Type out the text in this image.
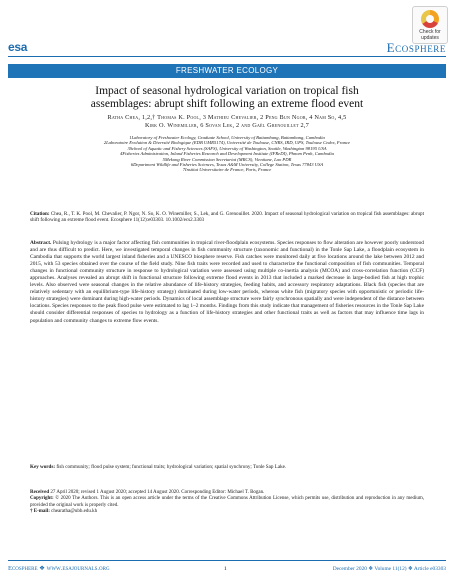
Check for
updates
esa	Ecosphere
FRESHWATER ECOLOGY
Impact of seasonal hydrological variation on tropical fish
assemblages: abrupt shift following an extreme flood event
Ratha Chea, 1,2,† Thomas K. Pool, 3 Mathieu Chevalier, 2 Peng Bun Ngor, 4 Nam So, 4,5
Kirk O. Winemiller, 6 Sovan Lek, 2 and Gaël Grenouillet 2,7
1Laboratory of Freshwater Ecology, Graduate School, University of Battambang, Battambang, Cambodia
2Laboratoire Evolution & Diversité Biologique (EDB UMR5174), Université de Toulouse, CNRS, IRD, UPS, Toulouse Cedex, France
3School of Aquatic and Fishery Sciences (SAFS), University of Washington, Seattle, Washington 98195 USA
4Fisheries Administration, Inland Fisheries Research and Development Institute (IFReDI), Phnom Penh, Cambodia
5Mekong River Commission Secretariat (MRCS), Vientiane, Lao PDR
6Department Wildlife and Fisheries Sciences, Texas A&M University, College Station, Texas 77843 USA
7Institut Universitaire de France, Paris, France
Citation: Chea, R., T. K. Pool, M. Chevalier, P. Ngor, N. So, K. O. Winemiller, S., Lek, and G. Grenouillet. 2020. Impact of seasonal hydrological variation on tropical fish assemblages: abrupt shift following an extreme flood event. Ecosphere 11(12):e03303. 10.1002/ecs2.3303
Abstract. Pulsing hydrology is a major factor affecting fish communities in tropical river-floodplain ecosystems. Species responses to flow alteration are however poorly understood and are thus difficult to predict. Here, we investigated temporal changes in fish community structure (taxonomic and functional) in the Tonle Sap Lake, a floodplain ecosystem in Cambodia that supports the world largest inland fisheries and a UNESCO biosphere reserve. Fish catches were monitored daily at five locations around the lake between 2012 and 2015, with 53 species obtained over the course of the field study. Nine fish traits were recorded and used to characterize the functional composition of fish communities. Temporal changes in functional community structure in response to hydrological variation were assessed using multiple co-inertia analysis (MCOA) and cross-correlation function (CCF) approaches. Analyses revealed an abrupt shift in functional structure following extreme flood events in 2013 that included a marked decrease in large-bodied fish at high trophic levels. Also observed were seasonal changes in the relative abundance of life-history strategies, feeding habits, and accessory respiratory adaptations. Black fish (species that are relatively sedentary with an equilibrium-type life-history strategy) dominated during low-water periods, whereas white fish (migratory species with opportunistic or periodic life-history strategies) were dominant during high-water periods. Dynamics of local assemblage structure were fairly synchronous spatially and were independent of the distance between locations. Species responses to the peak flood pulse were estimated to lag 1–2 months. Findings from this study indicate that management of fisheries resources in the Tonle Sap Lake should consider differential responses of species to hydrology as a function of life-history strategies and other functional traits as well as factors that may influence time lags in population and community changes to extreme flow events.
Key words: fish community; flood pulse system; functional traits; hydrological variation; spatial synchrony; Tonle Sap Lake.
Received 27 April 2020; revised 1 August 2020; accepted 14 August 2020. Corresponding Editor: Michael T. Bogan.
Copyright: © 2020 The Authors. This is an open access article under the terms of the Creative Commons Attribution License, which permits use, distribution and reproduction in any medium, provided the original work is properly cited.
† E-mail: chearatha@ubb.edu.kh
Ecosphere ❖ www.esajournals.org	1	December 2020 ❖ Volume 11(12) ❖ Article e03303
